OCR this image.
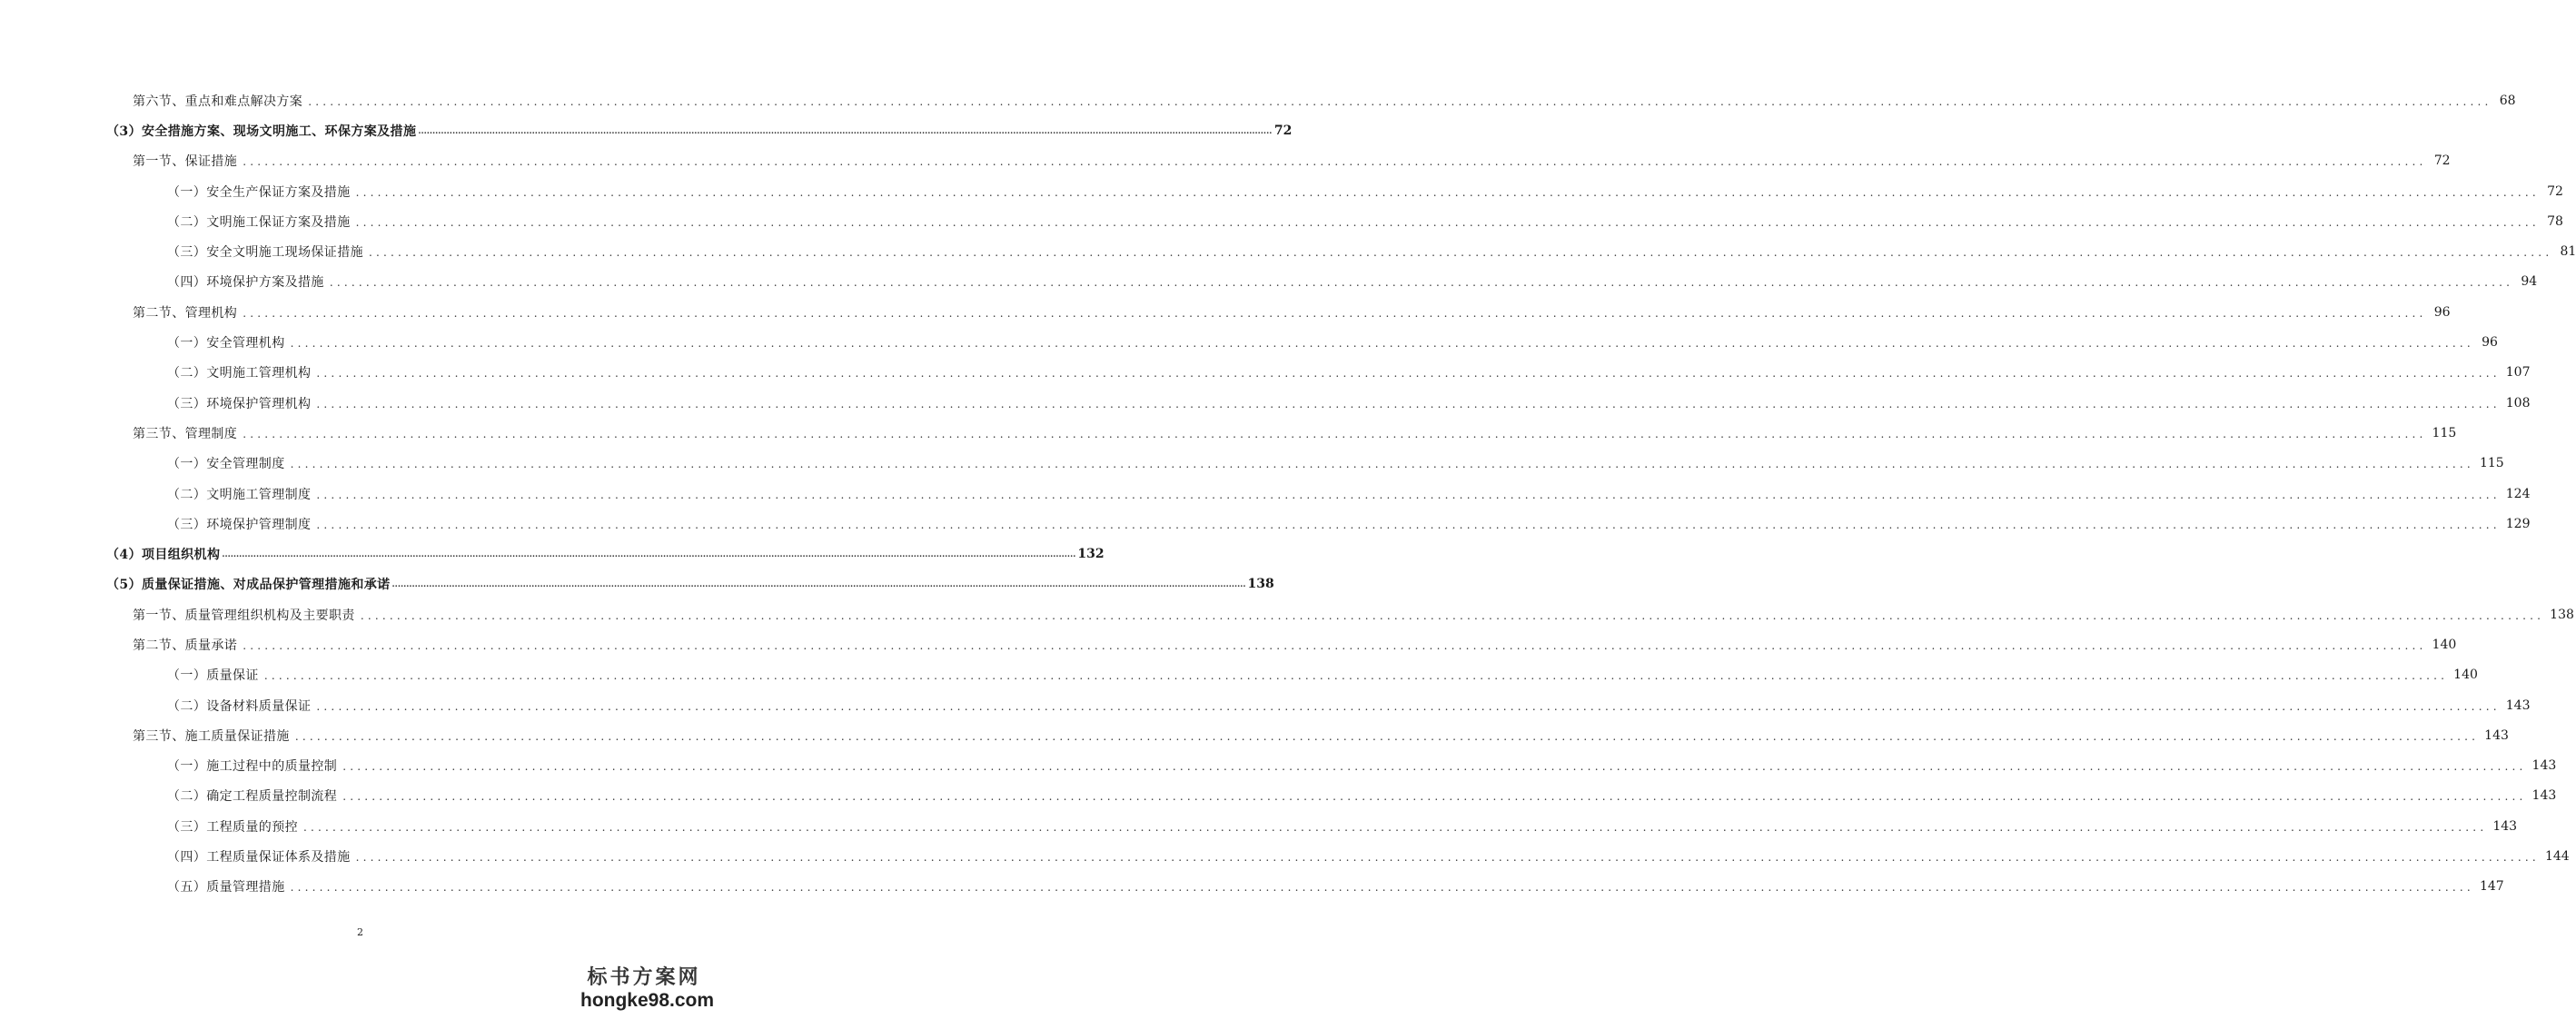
第六节、重点和难点解决方案 ............................................................................................................................................................................................................................................................................................................ 68
（3）安全措施方案、现场文明施工、环保方案及措施 ............................................................................................................................................................................................................................................................................................................ 72
第一节、保证措施 ............................................................................................................................................................................................................................................................................................................ 72
（一）安全生产保证方案及措施 ............................................................................................................................................................................................................................................................................................................ 72
（二）文明施工保证方案及措施 ............................................................................................................................................................................................................................................................................................................ 78
（三）安全文明施工现场保证措施 ............................................................................................................................................................................................................................................................................................................ 81
（四）环境保护方案及措施 ............................................................................................................................................................................................................................................................................................................ 94
第二节、管理机构 ............................................................................................................................................................................................................................................................................................................ 96
（一）安全管理机构 ............................................................................................................................................................................................................................................................................................................ 96
（二）文明施工管理机构 ............................................................................................................................................................................................................................................................................................................ 107
（三）环境保护管理机构 ............................................................................................................................................................................................................................................................................................................ 108
第三节、管理制度 ............................................................................................................................................................................................................................................................................................................ 115
（一）安全管理制度 ............................................................................................................................................................................................................................................................................................................ 115
（二）文明施工管理制度 ............................................................................................................................................................................................................................................................................................................ 124
（三）环境保护管理制度 ............................................................................................................................................................................................................................................................................................................ 129
（4）项目组织机构 ............................................................................................................................................................................................................................................................................................................ 132
（5）质量保证措施、对成品保护管理措施和承诺 ............................................................................................................................................................................................................................................................................................................ 138
第一节、质量管理组织机构及主要职责 ............................................................................................................................................................................................................................................................................................................ 138
第二节、质量承诺 ............................................................................................................................................................................................................................................................................................................ 140
（一）质量保证 ............................................................................................................................................................................................................................................................................................................ 140
（二）设备材料质量保证 ............................................................................................................................................................................................................................................................................................................ 143
第三节、施工质量保证措施 ............................................................................................................................................................................................................................................................................................................ 143
（一）施工过程中的质量控制 ............................................................................................................................................................................................................................................................................................................ 143
（二）确定工程质量控制流程 ............................................................................................................................................................................................................................................................................................................ 143
（三）工程质量的预控 ............................................................................................................................................................................................................................................................................................................ 143
（四）工程质量保证体系及措施 ............................................................................................................................................................................................................................................................................................................ 144
（五）质量管理措施 ............................................................................................................................................................................................................................................................................................................ 147
2
标书方案网
hongke98.com
